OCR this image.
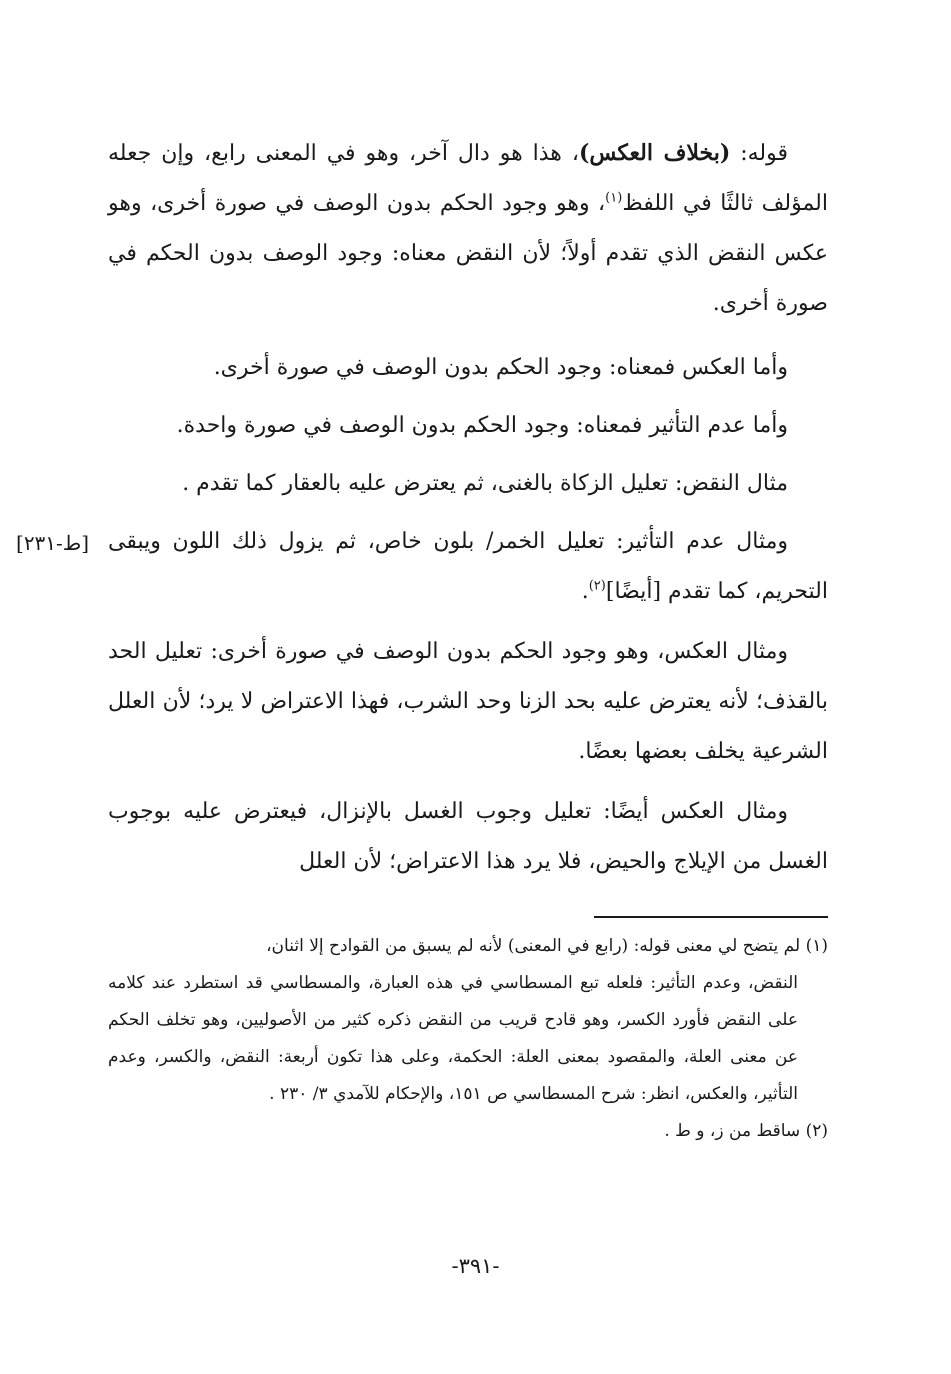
قوله: (بخلاف العكس)، هذا هو دال آخر، وهو في المعنى رابع، وإن جعله المؤلف ثالثًا في اللفظ$^{(١)}$، وهو وجود الحكم بدون الوصف في صورة أخرى، وهو عكس النقض الذي تقدم أولاً؛ لأن النقض معناه: وجود الوصف بدون الحكم في صورة أخرى.

وأما العكس فمعناه: وجود الحكم بدون الوصف في صورة أخرى.

وأما عدم التأثير فمعناه: وجود الحكم بدون الوصف في صورة واحدة.

مثال النقض: تعليل الزكاة بالغنى، ثم يعترض عليه بالعقار كما تقدم .

ومثال عدم التأثير: تعليل الخمر/ بلون خاص، ثم يزول ذلك اللون ويبقى التحريم، كما تقدم [أيضًا]$^{(٢)}$.

ومثال العكس، وهو وجود الحكم بدون الوصف في صورة أخرى: تعليل الحد بالقذف؛ لأنه يعترض عليه بحد الزنا وحد الشرب، فهذا الاعتراض لا يرد؛ لأن العلل الشرعية يخلف بعضها بعضًا.

ومثال العكس أيضًا: تعليل وجوب الغسل بالإنزال، فيعترض عليه بوجوب الغسل من الإيلاج والحيض، فلا يرد هذا الاعتراض؛ لأن العلل

[ط-٢٣١]

(١) لم يتضح لي معنى قوله: (رابع في المعنى) لأنه لم يسبق من القوادح إلا اثنان،

النقض، وعدم التأثير: فلعله تبع المسطاسي في هذه العبارة، والمسطاسي قد استطرد عند كلامه على النقض فأورد الكسر، وهو قادح قريب من النقض ذكره كثير من الأصوليين، وهو تخلف الحكم عن معنى العلة، والمقصود بمعنى العلة: الحكمة، وعلى هذا تكون أربعة: النقض، والكسر، وعدم التأثير، والعكس، انظر: شرح المسطاسي ص ١٥١، والإحكام للآمدي ٣/ ٢٣٠ .

(٢) ساقط من ز، و ط .

-٣٩١-
